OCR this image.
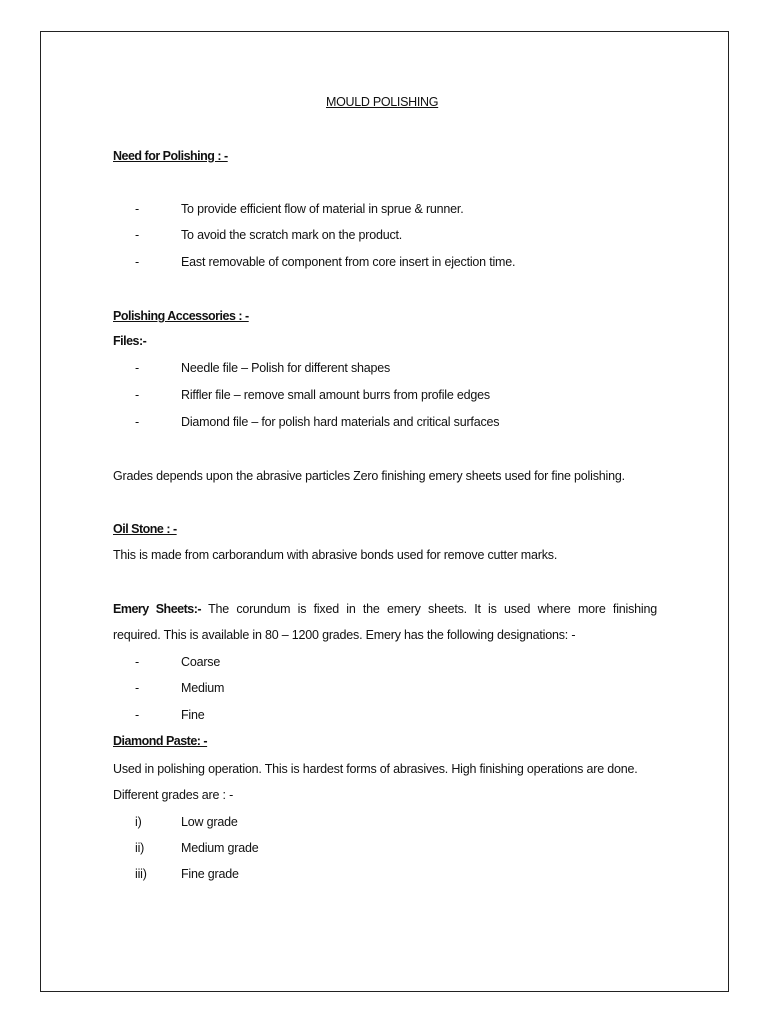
MOULD POLISHING
Need for Polishing : -
-	To provide efficient flow of material in sprue & runner.
-	To avoid the scratch mark on the product.
-	East removable of component from core insert in ejection time.
Polishing Accessories : -
Files:-
-	Needle file – Polish for different shapes
-	Riffler file – remove small amount burrs from profile edges
-	Diamond file – for polish hard materials and critical surfaces
Grades depends upon the abrasive particles Zero finishing emery sheets used for fine polishing.
Oil Stone : -
This is made from carborandum with abrasive bonds used for remove cutter marks.
Emery Sheets:- The corundum is fixed in the emery sheets. It is used where more finishing
required. This is available in 80 – 1200 grades. Emery has the following designations: -
-	Coarse
-	Medium
-	Fine
Diamond Paste: -
Used in polishing operation. This is hardest forms of abrasives. High finishing operations are done.
Different grades are : -
i)	Low grade
ii)	Medium grade
iii)	Fine grade
